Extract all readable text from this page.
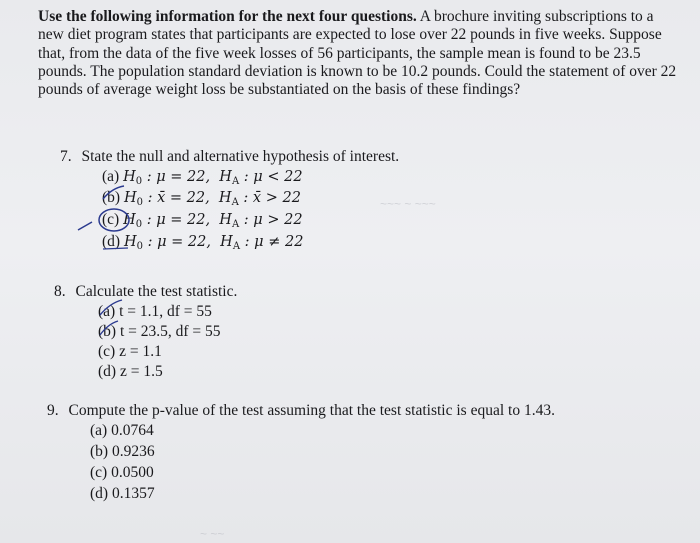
Use the following information for the next four questions. A brochure inviting subscriptions to a new diet program states that participants are expected to lose over 22 pounds in five weeks. Suppose that, from the data of the five week losses of 56 participants, the sample mean is found to be 23.5 pounds. The population standard deviation is known to be 10.2 pounds. Could the statement of over 22 pounds of average weight loss be substantiated on the basis of these findings?

7. State the null and alternative hypothesis of interest.
(a) $H_0$ : μ = 22,  $H_A$ : μ < 22
(b) $H_0$ : x̄ = 22,  $H_A$ : x̄ > 22
(c) $H_0$ : μ = 22,  $H_A$ : μ > 22
(d) $H_0$ : μ = 22,  $H_A$ : μ ≠ 22
8. Calculate the test statistic.
(a) t = 1.1, df = 55
(b) t = 23.5, df = 55
(c) z = 1.1
(d) z = 1.5
9. Compute the p-value of the test assuming that the test statistic is equal to 1.43.
(a) 0.0764
(b) 0.9236
(c) 0.0500
(d) 0.1357
~~~ ~ ~~~
~ ~~
